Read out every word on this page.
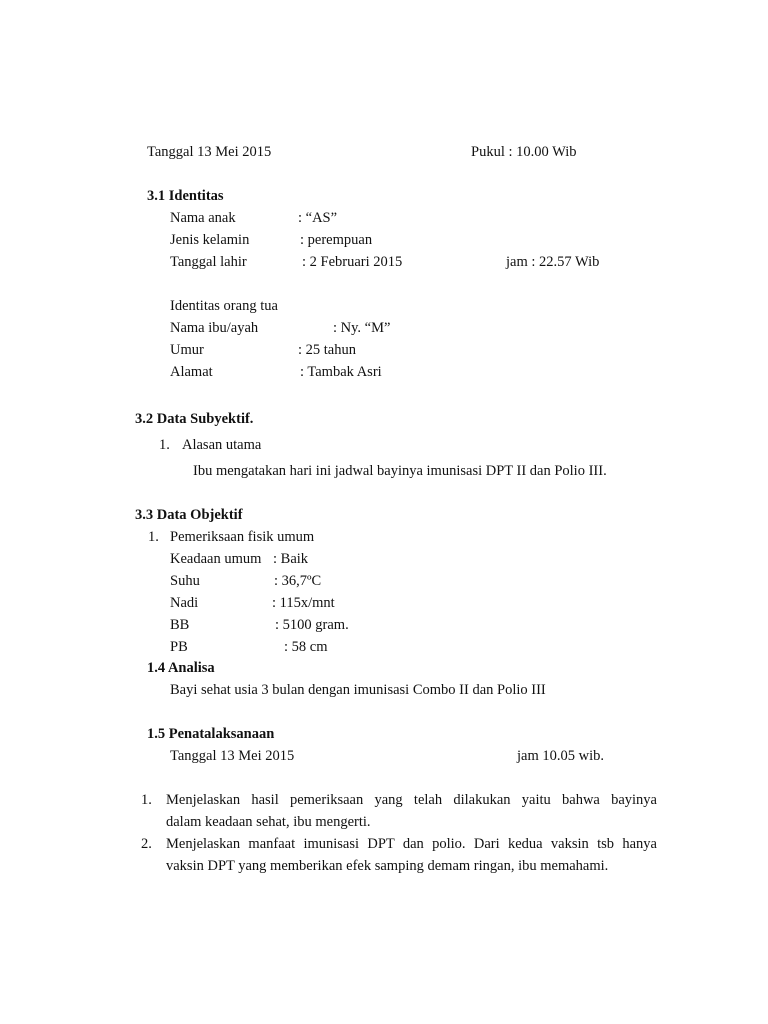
Tanggal 13 Mei 2015	Pukul : 10.00 Wib
3.1 Identitas
Nama anak	: “AS”
Jenis kelamin	: perempuan
Tanggal lahir	: 2 Februari 2015	jam : 22.57 Wib
Identitas orang tua
Nama ibu/ayah	: Ny. “M”
Umur	: 25 tahun
Alamat	: Tambak Asri
3.2 Data Subyektif.
1. Alasan utama
Ibu mengatakan hari ini jadwal bayinya imunisasi DPT II dan Polio III.
3.3 Data Objektif
1. Pemeriksaan fisik umum
Keadaan umum : Baik
Suhu	: 36,7ºC
Nadi	: 115x/mnt
BB	: 5100 gram.
PB	: 58 cm
1.4 Analisa
Bayi sehat usia 3 bulan dengan imunisasi Combo II dan Polio III
1.5 Penatalaksanaan
Tanggal 13 Mei 2015	jam 10.05 wib.
1. Menjelaskan hasil pemeriksaan yang telah dilakukan yaitu bahwa bayinya
dalam keadaan sehat, ibu mengerti.
2. Menjelaskan manfaat imunisasi DPT dan polio. Dari kedua vaksin tsb hanya
vaksin DPT yang memberikan efek samping demam ringan, ibu memahami.
